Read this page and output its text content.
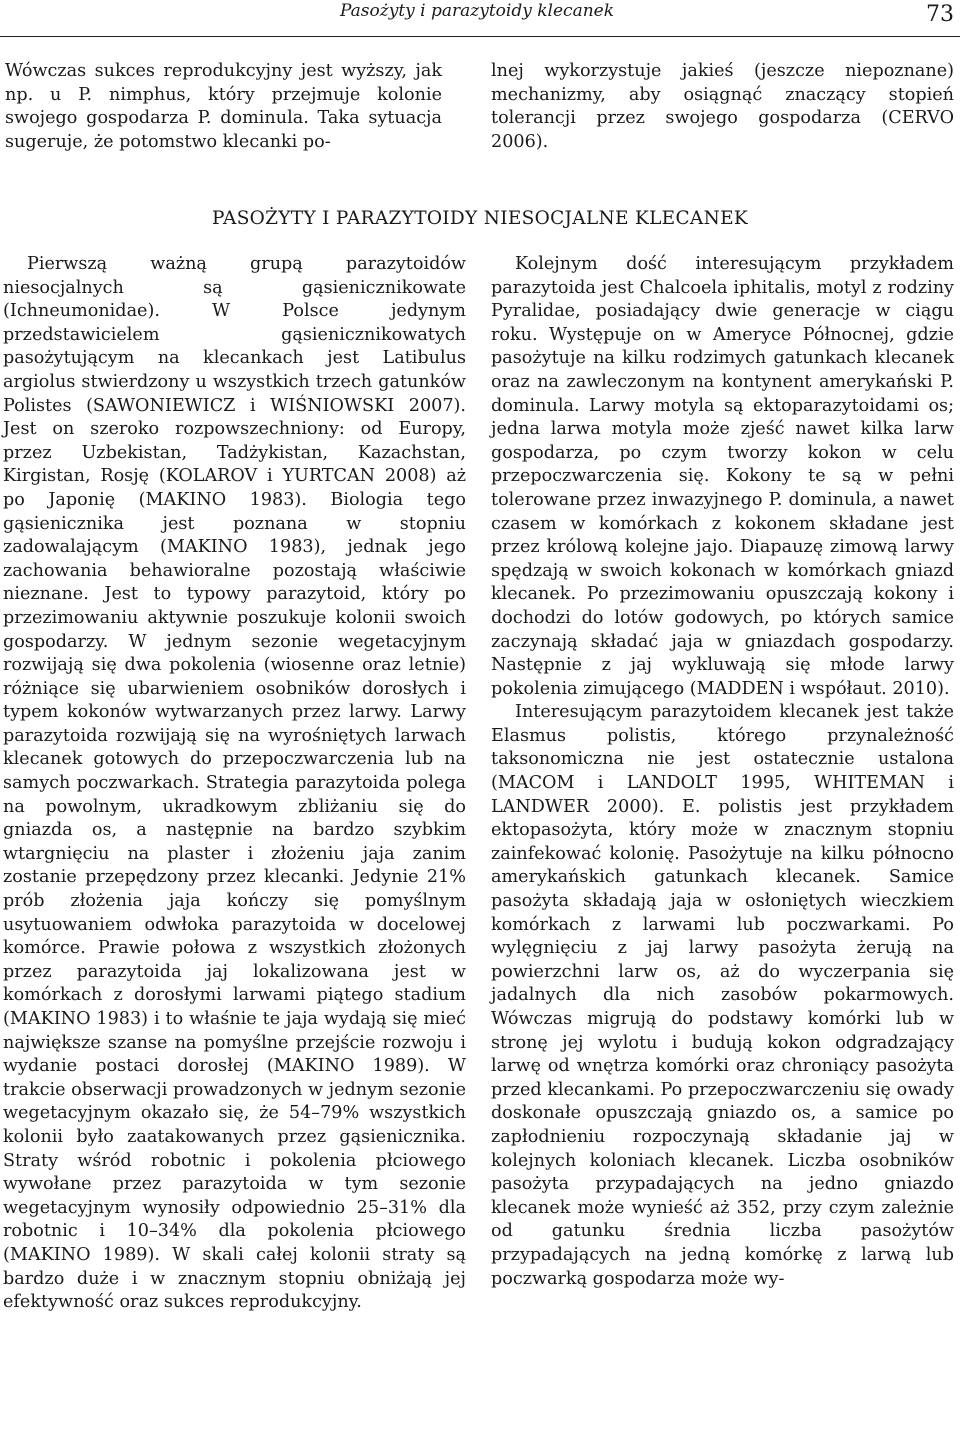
Pasożyty i parazytoidy klecanek	73

Wówczas sukces reprodukcyjny jest wyższy, jak np. u P. nimphus, który przejmuje kolonie swojego gospodarza P. dominula. Taka sytuacja sugeruje, że potomstwo klecanki po-

lnej wykorzystuje jakieś (jeszcze niepoznane) mechanizmy, aby osiągnąć znaczący stopień tolerancji przez swojego gospodarza (CERVO 2006).

PASOŻYTY I PARAZYTOIDY NIESOCJALNE KLECANEK

Pierwszą ważną grupą parazytoidów niesocjalnych są gąsienicznikowate (Ichneumonidae). W Polsce jedynym przedstawicielem gąsienicznikowatych pasożytującym na klecankach jest Latibulus argiolus stwierdzony u wszystkich trzech gatunków Polistes (SAWONIEWICZ i WIŚNIOWSKI 2007). Jest on szeroko rozpowszechniony: od Europy, przez Uzbekistan, Tadżykistan, Kazachstan, Kirgistan, Rosję (KOLAROV i YURTCAN 2008) aż po Japonię (MAKINO 1983). Biologia tego gąsienicznika jest poznana w stopniu zadowalającym (MAKINO 1983), jednak jego zachowania behawioralne pozostają właściwie nieznane. Jest to typowy parazytoid, który po przezimowaniu aktywnie poszukuje kolonii swoich gospodarzy. W jednym sezonie wegetacyjnym rozwijają się dwa pokolenia (wiosenne oraz letnie) różniące się ubarwieniem osobników dorosłych i typem kokonów wytwarzanych przez larwy. Larwy parazytoida rozwijają się na wyrośniętych larwach klecanek gotowych do przepoczwarczenia lub na samych poczwarkach. Strategia parazytoida polega na powolnym, ukradkowym zbliżaniu się do gniazda os, a następnie na bardzo szybkim wtargnięciu na plaster i złożeniu jaja zanim zostanie przepędzony przez klecanki. Jedynie 21% prób złożenia jaja kończy się pomyślnym usytuowaniem odwłoka parazytoida w docelowej komórce. Prawie połowa z wszystkich złożonych przez parazytoida jaj lokalizowana jest w komórkach z dorosłymi larwami piątego stadium (MAKINO 1983) i to właśnie te jaja wydają się mieć największe szanse na pomyślne przejście rozwoju i wydanie postaci dorosłej (MAKINO 1989). W trakcie obserwacji prowadzonych w jednym sezonie wegetacyjnym okazało się, że 54–79% wszystkich kolonii było zaatakowanych przez gąsienicznika. Straty wśród robotnic i pokolenia płciowego wywołane przez parazytoida w tym sezonie wegetacyjnym wynosiły odpowiednio 25–31% dla robotnic i 10–34% dla pokolenia płciowego (MAKINO 1989). W skali całej kolonii straty są bardzo duże i w znacznym stopniu obniżają jej efektywność oraz sukces reprodukcyjny.

Kolejnym dość interesującym przykładem parazytoida jest Chalcoela iphitalis, motyl z rodziny Pyralidae, posiadający dwie generacje w ciągu roku. Występuje on w Ameryce Północnej, gdzie pasożytuje na kilku rodzimych gatunkach klecanek oraz na zawleczonym na kontynent amerykański P. dominula. Larwy motyla są ektoparazytoidami os; jedna larwa motyla może zjeść nawet kilka larw gospodarza, po czym tworzy kokon w celu przepoczwarczenia się. Kokony te są w pełni tolerowane przez inwazyjnego P. dominula, a nawet czasem w komórkach z kokonem składane jest przez królową kolejne jajo. Diapauzę zimową larwy spędzają w swoich kokonach w komórkach gniazd klecanek. Po przezimowaniu opuszczają kokony i dochodzi do lotów godowych, po których samice zaczynają składać jaja w gniazdach gospodarzy. Następnie z jaj wykluwają się młode larwy pokolenia zimującego (MADDEN i współaut. 2010).

Interesującym parazytoidem klecanek jest także Elasmus polistis, którego przynależność taksonomiczna nie jest ostatecznie ustalona (MACOM i LANDOLT 1995, WHITEMAN i LANDWER 2000). E. polistis jest przykładem ektopasożyta, który może w znacznym stopniu zainfekować kolonię. Pasożytuje na kilku północno amerykańskich gatunkach klecanek. Samice pasożyta składają jaja w osłoniętych wieczkiem komórkach z larwami lub poczwarkami. Po wylęgnięciu z jaj larwy pasożyta żerują na powierzchni larw os, aż do wyczerpania się jadalnych dla nich zasobów pokarmowych. Wówczas migrują do podstawy komórki lub w stronę jej wylotu i budują kokon odgradzający larwę od wnętrza komórki oraz chroniący pasożyta przed klecankami. Po przepoczwarczeniu się owady doskonałe opuszczają gniazdo os, a samice po zapłodnieniu rozpoczynają składanie jaj w kolejnych koloniach klecanek. Liczba osobników pasożyta przypadających na jedno gniazdo klecanek może wynieść aż 352, przy czym zależnie od gatunku średnia liczba pasożytów przypadających na jedną komórkę z larwą lub poczwarką gospodarza może wy-
